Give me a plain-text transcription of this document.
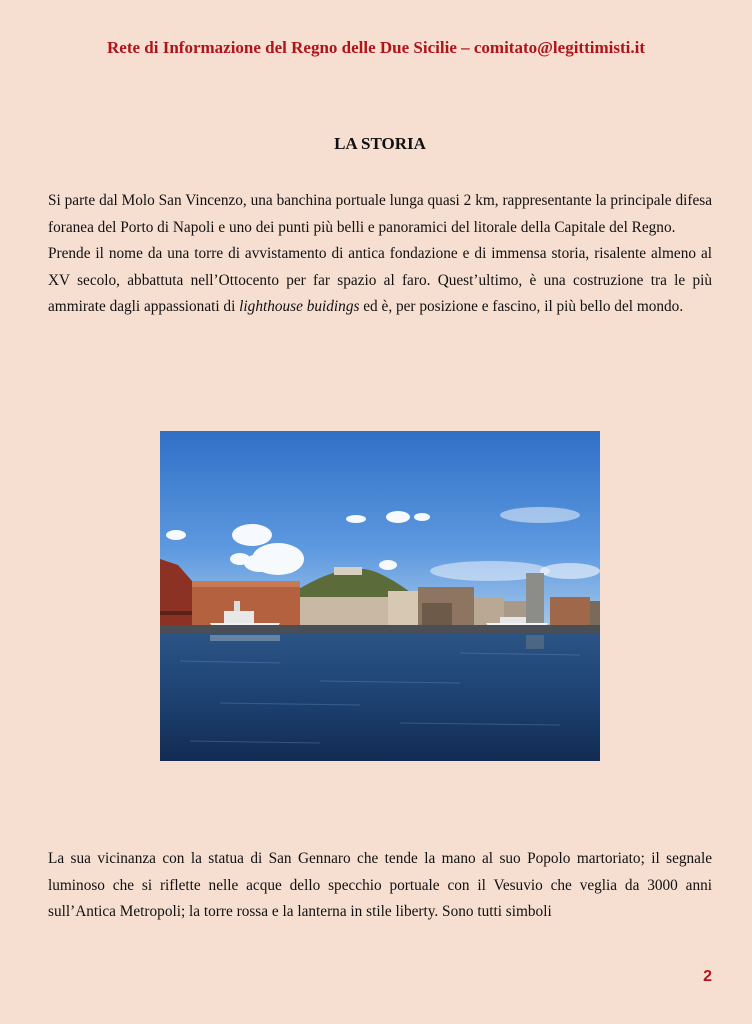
Rete di Informazione del Regno delle Due Sicilie – comitato@legittimisti.it
LA STORIA

Si parte dal Molo San Vincenzo, una banchina portuale lunga quasi 2 km, rappresentante la principale difesa foranea del Porto di Napoli e uno dei punti più belli e panoramici del litorale della Capitale del Regno.

Prende il nome da una torre di avvistamento di antica fondazione e di immensa storia, risalente almeno al XV secolo, abbattuta nell’Ottocento per far spazio al faro. Quest’ultimo, è una costruzione tra le più ammirate dagli appassionati di lighthouse buidings ed è, per posizione e fascino, il più bello del mondo.

La sua vicinanza con la statua di San Gennaro che tende la mano al suo Popolo martoriato; il segnale luminoso che si riflette nelle acque dello specchio portuale con il Vesuvio che veglia da 3000 anni sull’Antica Metropoli; la torre rossa e la lanterna in stile liberty. Sono tutti simboli

2
